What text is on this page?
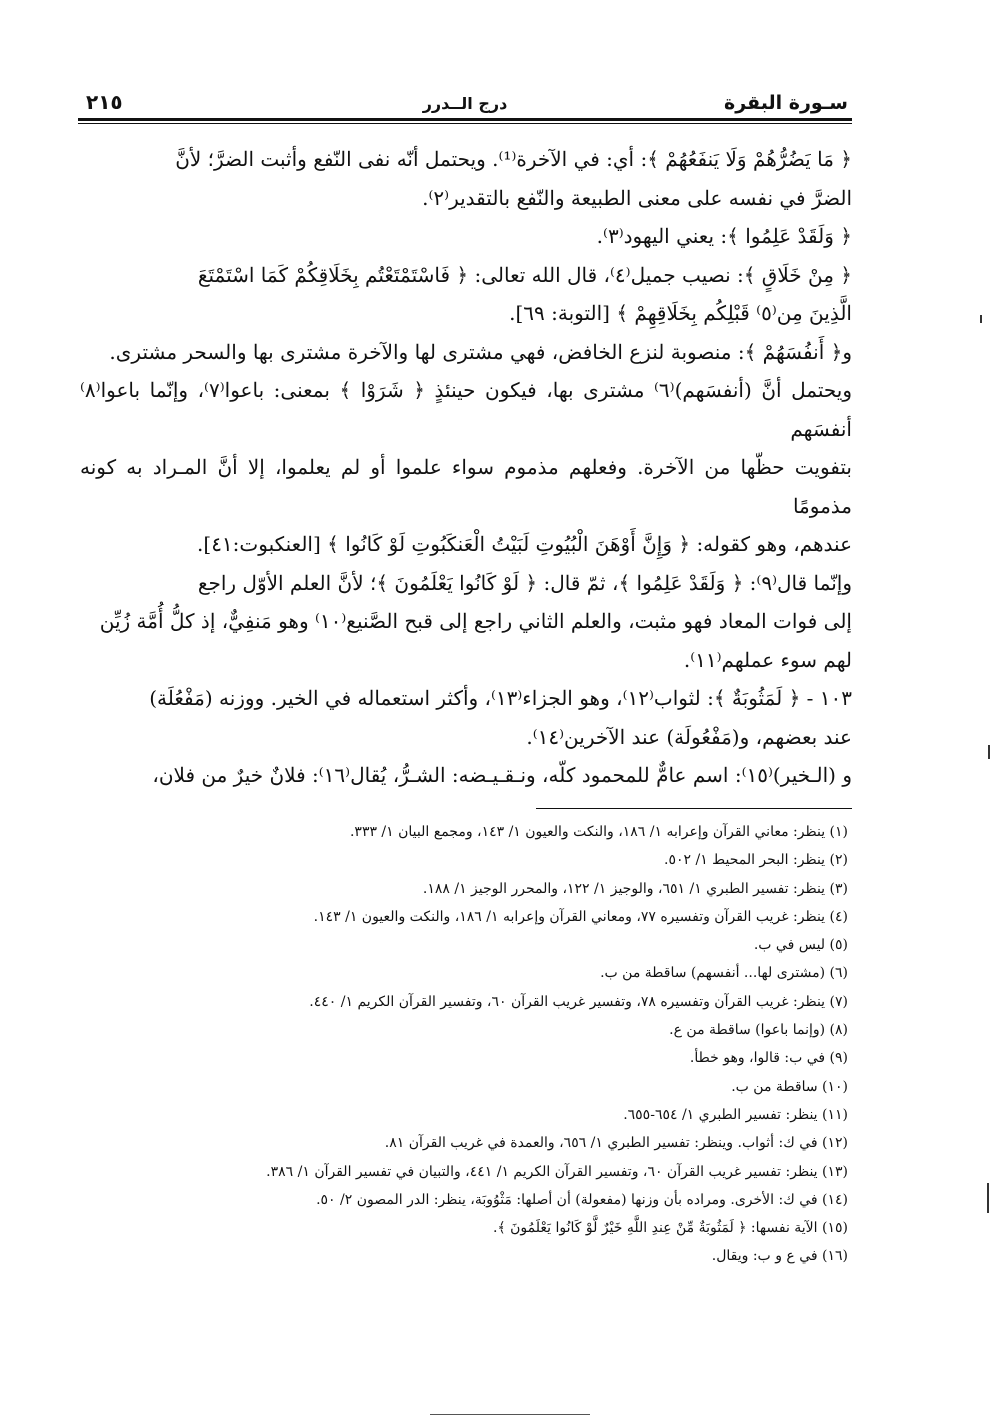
سـورة البقرة
درج الــدرر
٢١٥

﴿ مَا يَضُرُّهُمْ وَلَا يَنفَعُهُمْ ﴾: أي: في الآخرة⁽¹⁾. ويحتمل أنّه نفى النّفع وأثبت الضرَّ؛ لأنَّ

الضرَّ في نفسه على معنى الطبيعة والنّفع بالتقدير⁽٢⁾.

﴿ وَلَقَدْ عَلِمُوا ﴾: يعني اليهود⁽٣⁾.

﴿ مِنْ خَلَاقٍ ﴾: نصيب جميل⁽٤⁾، قال الله تعالى: ﴿ فَاسْتَمْتَعْتُم بِخَلَاقِكُمْ كَمَا اسْتَمْتَعَ

الَّذِينَ مِن⁽٥⁾ قَبْلِكُم بِخَلَاقِهِمْ ﴾ [التوبة: ٦٩].

و﴿ أَنفُسَهُمْ ﴾: منصوبة لنزع الخافض، فهي مشترى لها والآخرة مشترى بها والسحر مشترى.

ويحتمل أنَّ (أنفسَهم)⁽٦⁾ مشترى بها، فيكون حينئذٍ ﴿ شَرَوْا ﴾ بمعنى: باعوا⁽٧⁾، وإنّما باعوا⁽٨⁾ أنفسَهم

بتفويت حظّها من الآخرة. وفعلهم مذموم سواء علموا أو لم يعلموا، إلا أنَّ المـراد به كونه مذمومًا

عندهم، وهو كقوله: ﴿ وَإِنَّ أَوْهَنَ الْبُيُوتِ لَبَيْتُ الْعَنكَبُوتِ لَوْ كَانُوا ﴾ [العنكبوت:٤١].

وإنّما قال⁽٩⁾: ﴿ وَلَقَدْ عَلِمُوا ﴾، ثمّ قال: ﴿ لَوْ كَانُوا يَعْلَمُونَ ﴾؛ لأنَّ العلم الأوّل راجع

إلى فوات المعاد فهو مثبت، والعلم الثاني راجع إلى قبح الصَّنيع⁽١٠⁾ وهو مَنفِيٌّ، إذ كلُّ أُمَّة زُيِّن

لهم سوء عملهم⁽١١⁾.

١٠٣ - ﴿ لَمَثُوبَةٌ ﴾: لثواب⁽١٢⁾، وهو الجزاء⁽١٣⁾، وأكثر استعماله في الخير. ووزنه (مَفْعُلَة)

عند بعضهم، و(مَفْعُولَة) عند الآخرين⁽١٤⁾.

و (الـخير)⁽١٥⁾: اسم عامٌّ للمحمود كلّه، ونـقـيـضه: الشـرُّ، يُقال⁽١٦⁾: فلانٌ خيرٌ من فلان،

(١) ينظر: معاني القرآن وإعرابه ١/ ١٨٦، والنكت والعيون ١/ ١٤٣، ومجمع البيان ١/ ٣٣٣.
(٢) ينظر: البحر المحيط ١/ ٥٠٢.
(٣) ينظر: تفسير الطبري ١/ ٦٥١، والوجيز ١/ ١٢٢، والمحرر الوجيز ١/ ١٨٨.
(٤) ينظر: غريب القرآن وتفسيره ٧٧، ومعاني القرآن وإعرابه ١/ ١٨٦، والنكت والعيون ١/ ١٤٣.
(٥) ليس في ب.
(٦) (مشترى لها... أنفسهم) ساقطة من ب.
(٧) ينظر: غريب القرآن وتفسيره ٧٨، وتفسير غريب القرآن ٦٠، وتفسير القرآن الكريم ١/ ٤٤٠.
(٨) (وإنما باعوا) ساقطة من ع.
(٩) في ب: قالوا، وهو خطأ.
(١٠) ساقطة من ب.
(١١) ينظر: تفسير الطبري ١/ ٦٥٤-٦٥٥.
(١٢) في ك: أثواب. وينظر: تفسير الطبري ١/ ٦٥٦، والعمدة في غريب القرآن ٨١.
(١٣) ينظر: تفسير غريب القرآن ٦٠، وتفسير القرآن الكريم ١/ ٤٤١، والتبيان في تفسير القرآن ١/ ٣٨٦.
(١٤) في ك: الأخرى. ومراده بأن وزنها (مفعولة) أن أصلها: مَثْوُوبَة، ينظر: الدر المصون ٢/ ٥٠.
(١٥) الآية نفسها: ﴿ لَمَثُوبَةٌ مِّنْ عِندِ اللَّهِ خَيْرٌ لَّوْ كَانُوا يَعْلَمُونَ ﴾.
(١٦) في ع و ب: ويقال.
